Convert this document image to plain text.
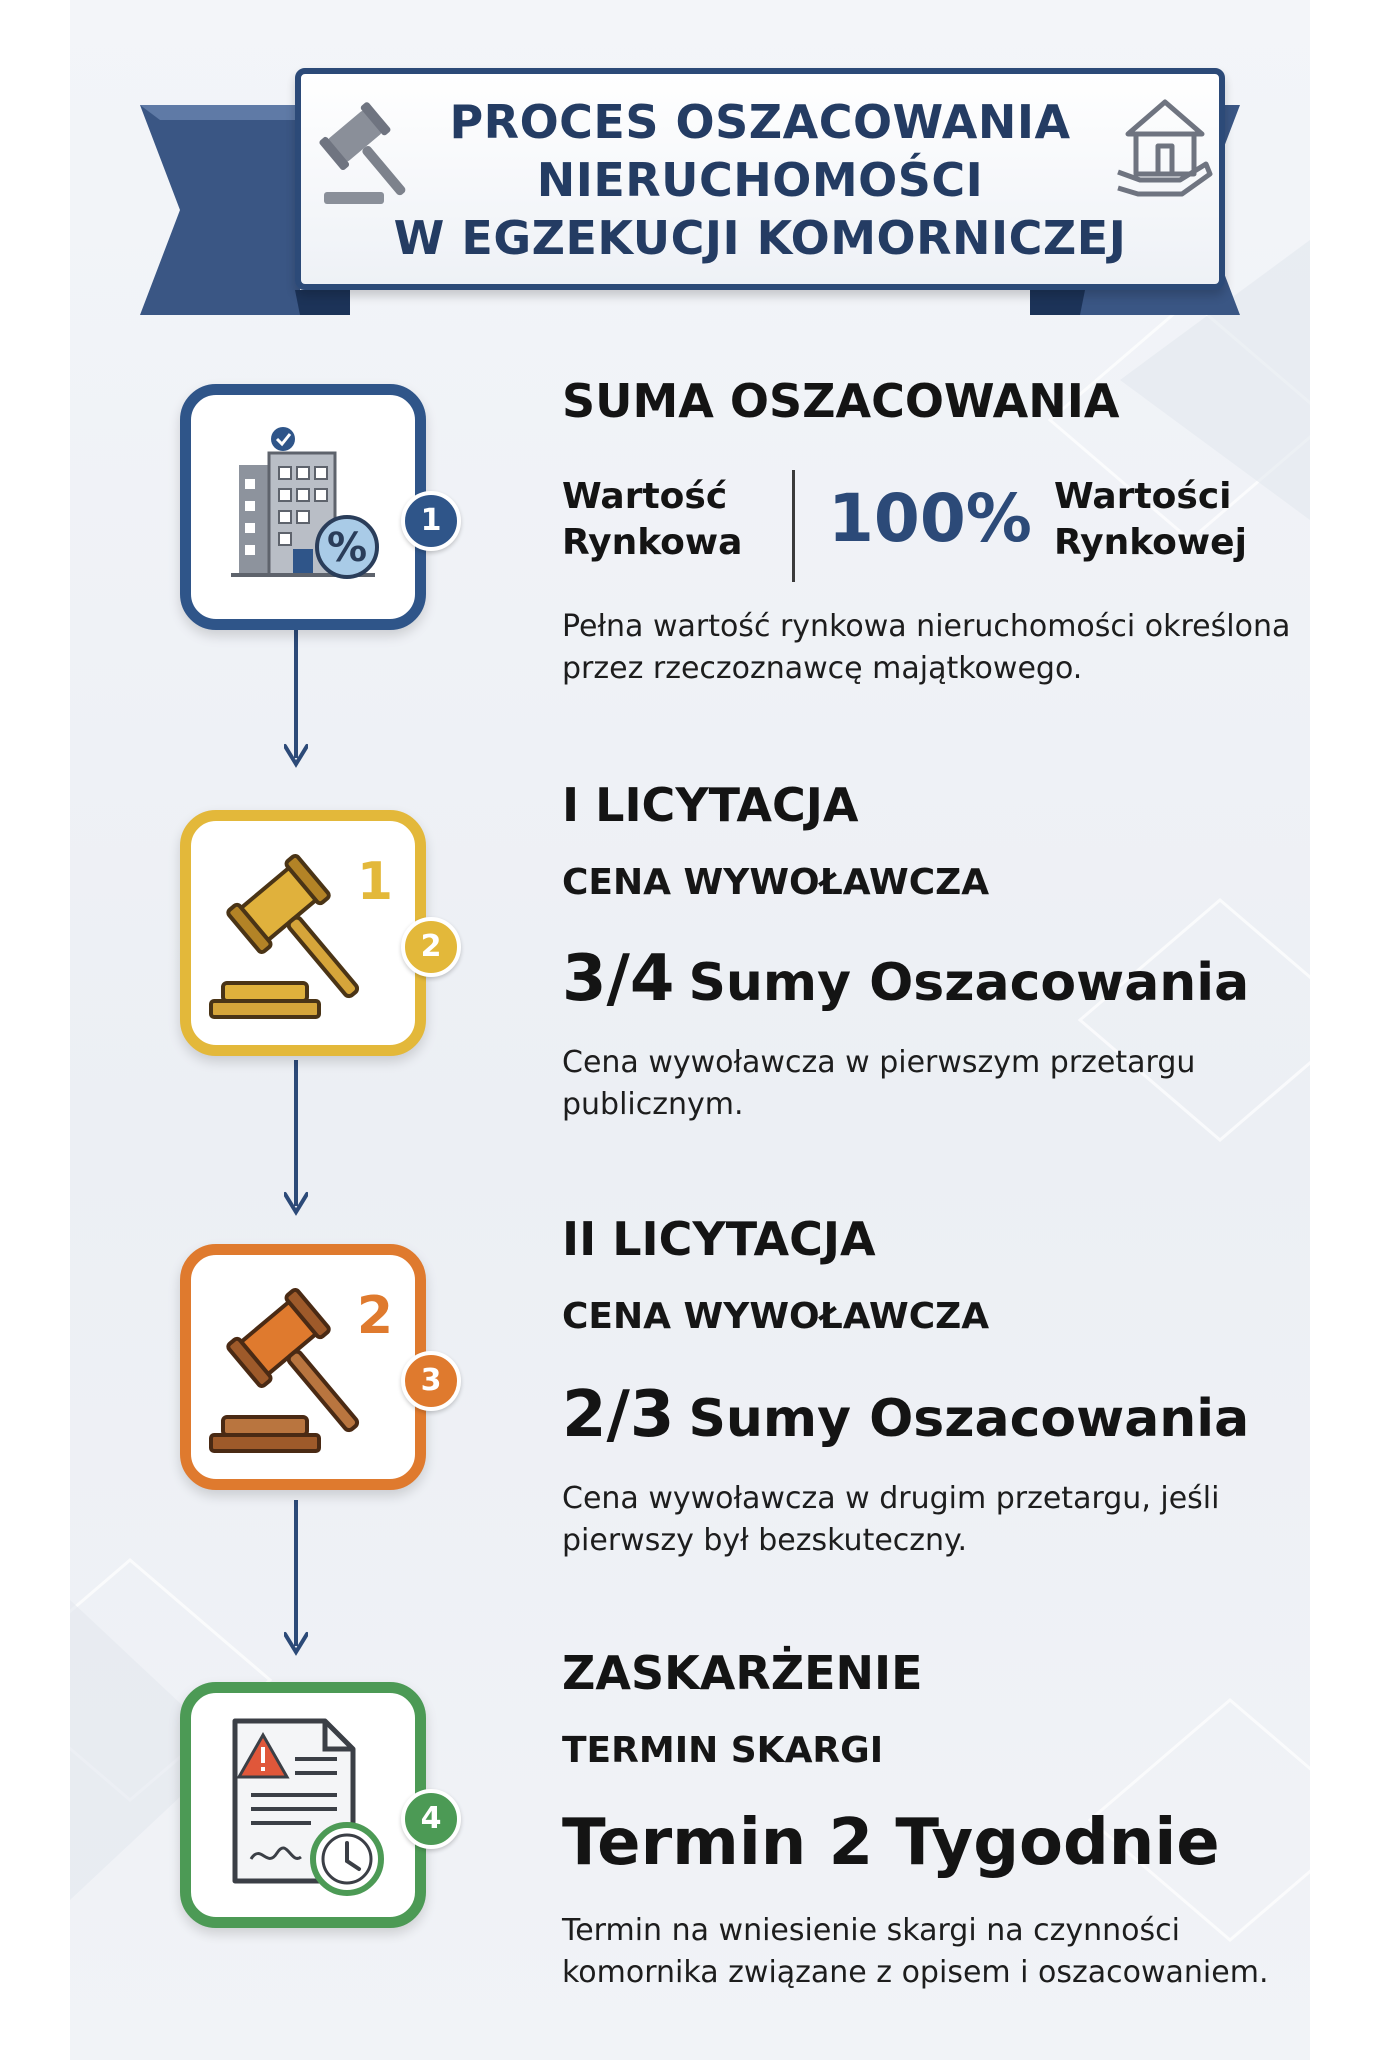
PROCES OSZACOWANIA
NIERUCHOMOŚCI
W EGZEKUCJI KOMORNICZEJ
%
1
SUMA OSZACOWANIA
Wartość
Rynkowa 100% Wartości
Rynkowej

Pełna wartość rynkowa nieruchomości określona przez rzeczoznawcę majątkowego.

1
2
I LICYTACJA
CENA WYWOŁAWCZA
3/4 Sumy Oszacowania

Cena wywoławcza w pierwszym przetargu publicznym.

2
3
II LICYTACJA
CENA WYWOŁAWCZA
2/3 Sumy Oszacowania

Cena wywoławcza w drugim przetargu, jeśli pierwszy był bezskuteczny.

4
ZASKARŻENIE
TERMIN SKARGI
Termin 2 Tygodnie

Termin na wniesienie skargi na czynności komornika związane z opisem i oszacowaniem.
